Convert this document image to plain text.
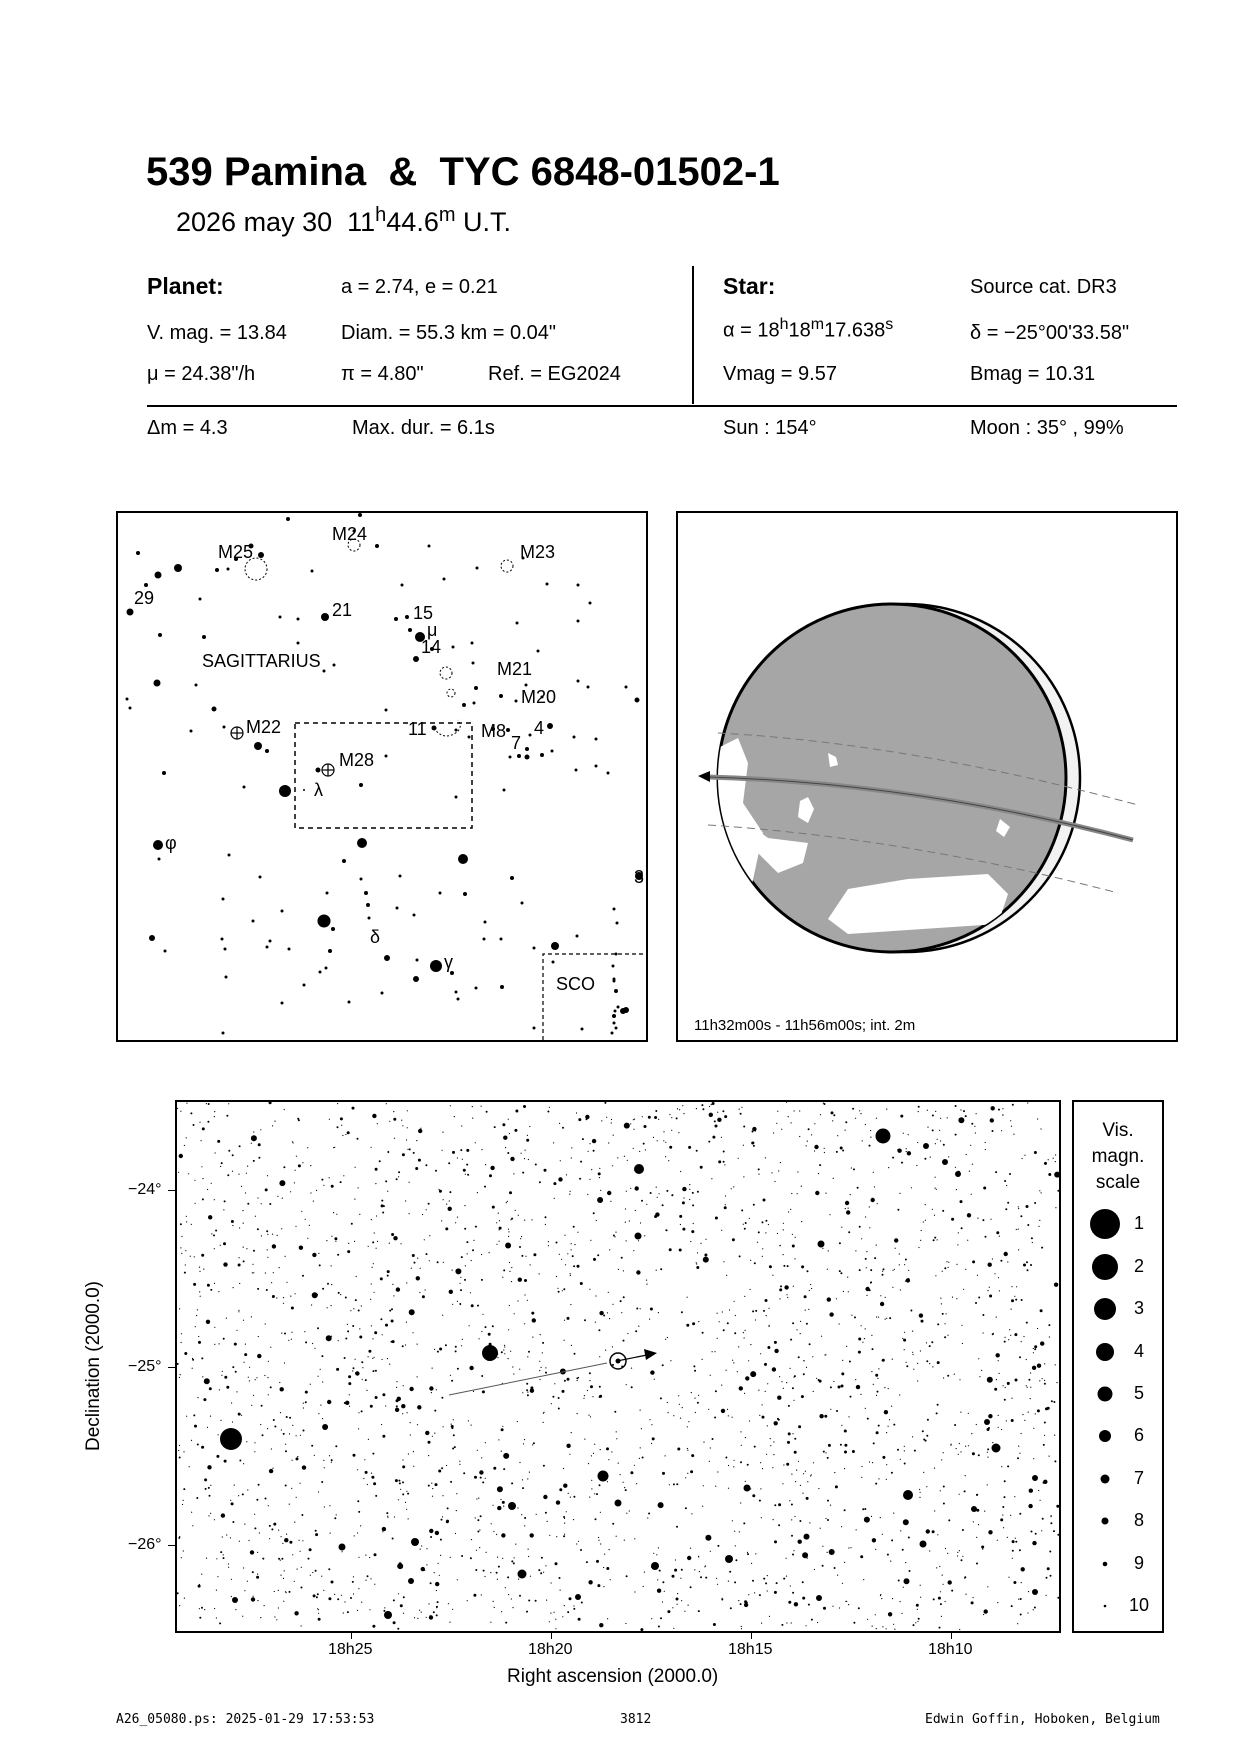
539 Pamina  &  TYC 6848-01502-1
2026 may 30 11$^h$44.6$^m$ U.T.
Planet:	a = 2.74, e = 0.21
V. mag. = 13.84	Diam. = 55.3 km = 0.04"
μ = 24.38"/h	π = 4.80"	Ref. = EG2024
Star:	Source cat. DR3
$\alpha = 18^h18^m17.638^s$	δ = −25°00'33.58"
Vmag = 9.57	Bmag = 10.31
Δm = 4.3	Max. dur. = 6.1s	Sun : 154°	Moon : 35° , 99%
M25
M24
M23
29
21	15
μ
14
M21
M20
M22	11	M8 4
7
M28
λ
φ
3
δ
γ
SAGITTARIUS
SCO
11h32m00s - 11h56m00s; int. 2m
−24°
−25°
−26°
18h25	18h20	18h15	18h10
Right ascension (2000.0)
Declination (2000.0)
Vis.
magn.
scale
1
2
3
4
5
6
7
8
9
10
A26_05080.ps: 2025-01-29 17:53:53	3812	Edwin Goffin, Hoboken, Belgium
